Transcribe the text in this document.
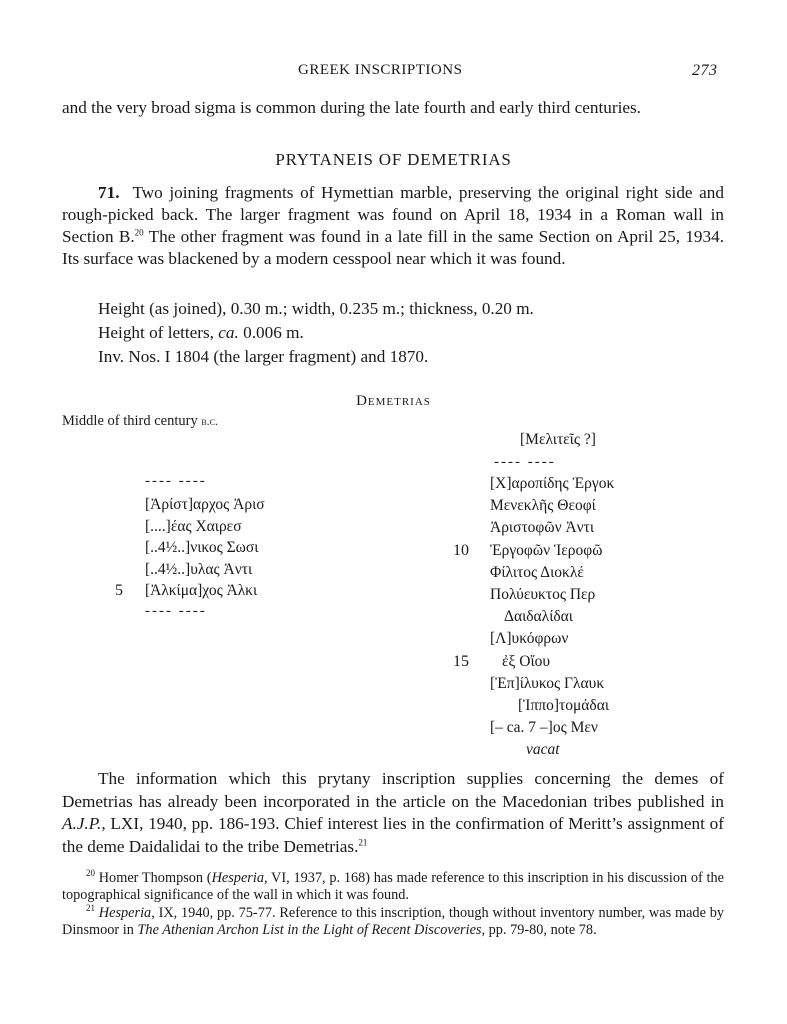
GREEK INSCRIPTIONS	273
and the very broad sigma is common during the late fourth and early third centuries.
PRYTANEIS OF DEMETRIAS
71. Two joining fragments of Hymettian marble, preserving the original right side and rough-picked back. The larger fragment was found on April 18, 1934 in a Roman wall in Section B.$^{20}$ The other fragment was found in a late fill in the same Section on April 25, 1934. Its surface was blackened by a modern cesspool near which it was found.
Height (as joined), 0.30 m.; width, 0.235 m.; thickness, 0.20 m.
Height of letters, ca. 0.006 m.
Inv. Nos. I 1804 (the larger fragment) and 1870.
Demetrias
Middle of third century b.c.
---- ----
[Ἀρίστ]αρχος Ἀρισ
[....]έας Χαιρεσ
[..4½..]νικος Σωσι
[..4½..]υλας Ἀντι
5 [Ἀλκίμα]χος Ἀλκι
---- ----
[Μελιτεῖς ?]
---- ----
[Χ]αροπίδης Ἐργοκ
Μενεκλῆς Θεοφί
Ἀριστοφῶν Ἀντι
10 Ἐργοφῶν Ἱεροφῶ
Φίλιτος Διοκλέ
Πολύευκτος Περ
Δαιδαλίδαι
[Λ]υκόφρων
15 ἐξ Οἴου
[Ἐπ]ίλυκος Γλαυκ
[Ἱππο]τομάδαι
[– ca. 7 –]ος Μεν
vacat
The information which this prytany inscription supplies concerning the demes of Demetrias has already been incorporated in the article on the Macedonian tribes published in A.J.P., LXI, 1940, pp. 186-193. Chief interest lies in the confirmation of Meritt’s assignment of the deme Daidalidai to the tribe Demetrias.$^{21}$
$^{20}$ Homer Thompson (Hesperia, VI, 1937, p. 168) has made reference to this inscription in his discussion of the topographical significance of the wall in which it was found.
$^{21}$ Hesperia, IX, 1940, pp. 75-77. Reference to this inscription, though without inventory number, was made by Dinsmoor in The Athenian Archon List in the Light of Recent Discoveries, pp. 79-80, note 78.
